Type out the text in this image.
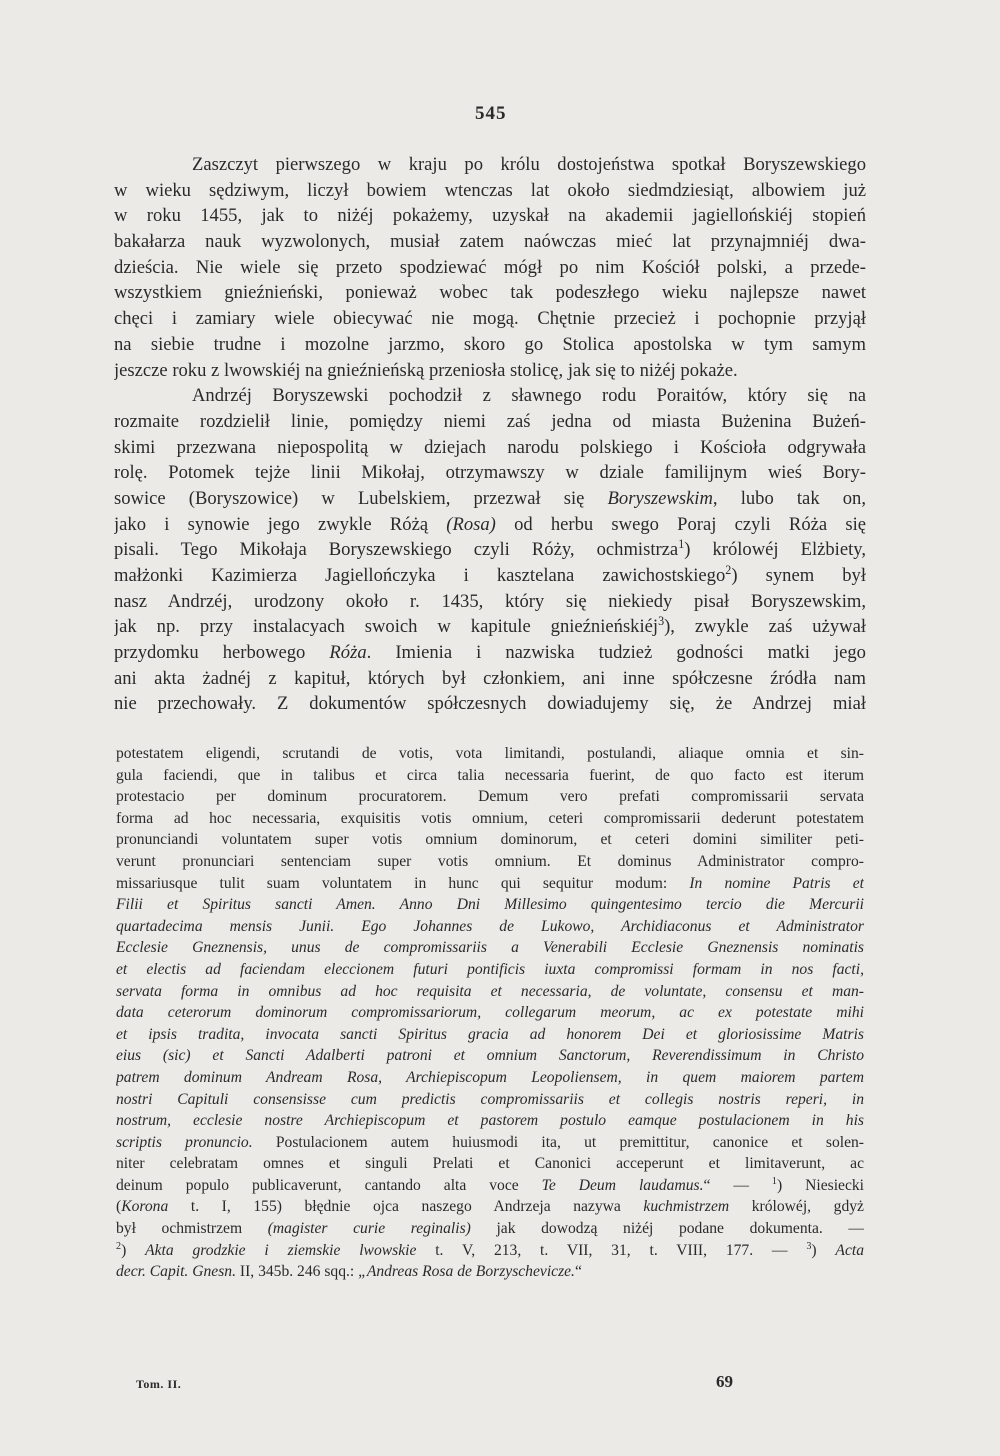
545
Zaszczyt pierwszego w kraju po królu dostojeństwa spotkał Boryszewskiego
w wieku sędziwym, liczył bowiem wtenczas lat około siedmdziesiąt, albowiem już
w roku 1455, jak to niżéj pokażemy, uzyskał na akademii jagiellońskiéj stopień
bakałarza nauk wyzwolonych, musiał zatem naówczas mieć lat przynajmniéj dwa-
dzieścia. Nie wiele się przeto spodziewać mógł po nim Kościół polski, a przede-
wszystkiem gnieźnieński, ponieważ wobec tak podeszłego wieku najlepsze nawet
chęci i zamiary wiele obiecywać nie mogą. Chętnie przecież i pochopnie przyjął
na siebie trudne i mozolne jarzmo, skoro go Stolica apostolska w tym samym
jeszcze roku z lwowskiéj na gnieźnieńską przeniosła stolicę, jak się to niżéj pokaże.
Andrzéj Boryszewski pochodził z sławnego rodu Poraitów, który się na
rozmaite rozdzielił linie, pomiędzy niemi zaś jedna od miasta Bużenina Bużeń-
skimi przezwana niepospolitą w dziejach narodu polskiego i Kościoła odgrywała
rolę. Potomek tejże linii Mikołaj, otrzymawszy w dziale familijnym wieś Bory-
sowice (Boryszowice) w Lubelskiem, przezwał się Boryszewskim, lubo tak on,
jako i synowie jego zwykle Różą (Rosa) od herbu swego Poraj czyli Róża się
pisali. Tego Mikołaja Boryszewskiego czyli Róży, ochmistrza$^1$) królowéj Elżbiety,
małżonki Kazimierza Jagiellończyka i kasztelana zawichostskiego$^2$) synem był
nasz Andrzéj, urodzony około r. 1435, który się niekiedy pisał Boryszewskim,
jak np. przy instalacyach swoich w kapitule gnieźnieńskiéj$^3$), zwykle zaś używał
przydomku herbowego Róża. Imienia i nazwiska tudzież godności matki jego
ani akta żadnéj z kapituł, których był członkiem, ani inne spółczesne źródła nam
nie przechowały. Z dokumentów spółczesnych dowiadujemy się, że Andrzej miał
potestatem eligendi, scrutandi de votis, vota limitandi, postulandi, aliaque omnia et sin-
gula faciendi, que in talibus et circa talia necessaria fuerint, de quo facto est iterum
protestacio per dominum procuratorem. Demum vero prefati compromissarii servata
forma ad hoc necessaria, exquisitis votis omnium, ceteri compromissarii dederunt potestatem
pronunciandi voluntatem super votis omnium dominorum, et ceteri domini similiter peti-
verunt pronunciari sentenciam super votis omnium. Et dominus Administrator compro-
missariusque tulit suam voluntatem in hunc qui sequitur modum: In nomine Patris et
Filii et Spiritus sancti Amen. Anno Dni Millesimo quingentesimo tercio die Mercurii
quartadecima mensis Junii. Ego Johannes de Lukowo, Archidiaconus et Administrator
Ecclesie Gneznensis, unus de compromissariis a Venerabili Ecclesie Gneznensis nominatis
et electis ad faciendam eleccionem futuri pontificis iuxta compromissi formam in nos facti,
servata forma in omnibus ad hoc requisita et necessaria, de voluntate, consensu et man-
data ceterorum dominorum compromissariorum, collegarum meorum, ac ex potestate mihi
et ipsis tradita, invocata sancti Spiritus gracia ad honorem Dei et gloriosissime Matris
eius (sic) et Sancti Adalberti patroni et omnium Sanctorum, Reverendissimum in Christo
patrem dominum Andream Rosa, Archiepiscopum Leopoliensem, in quem maiorem partem
nostri Capituli consensisse cum predictis compromissariis et collegis nostris reperi, in
nostrum, ecclesie nostre Archiepiscopum et pastorem postulo eamque postulacionem in his
scriptis pronuncio. Postulacionem autem huiusmodi ita, ut premittitur, canonice et solen-
niter celebratam omnes et singuli Prelati et Canonici acceperunt et limitaverunt, ac
deinum populo publicaverunt, cantando alta voce Te Deum laudamus.“ — $^1$) Niesiecki
(Korona t. I, 155) błędnie ojca naszego Andrzeja nazywa kuchmistrzem królowéj, gdyż
był ochmistrzem (magister curie reginalis) jak dowodzą niżéj podane dokumenta. —
$^2$) Akta grodzkie i ziemskie lwowskie t. V, 213, t. VII, 31, t. VIII, 177. — $^3$) Acta
decr. Capit. Gnesn. II, 345b. 246 sqq.: „Andreas Rosa de Borzyschevicze.“
Tom. II.	69
